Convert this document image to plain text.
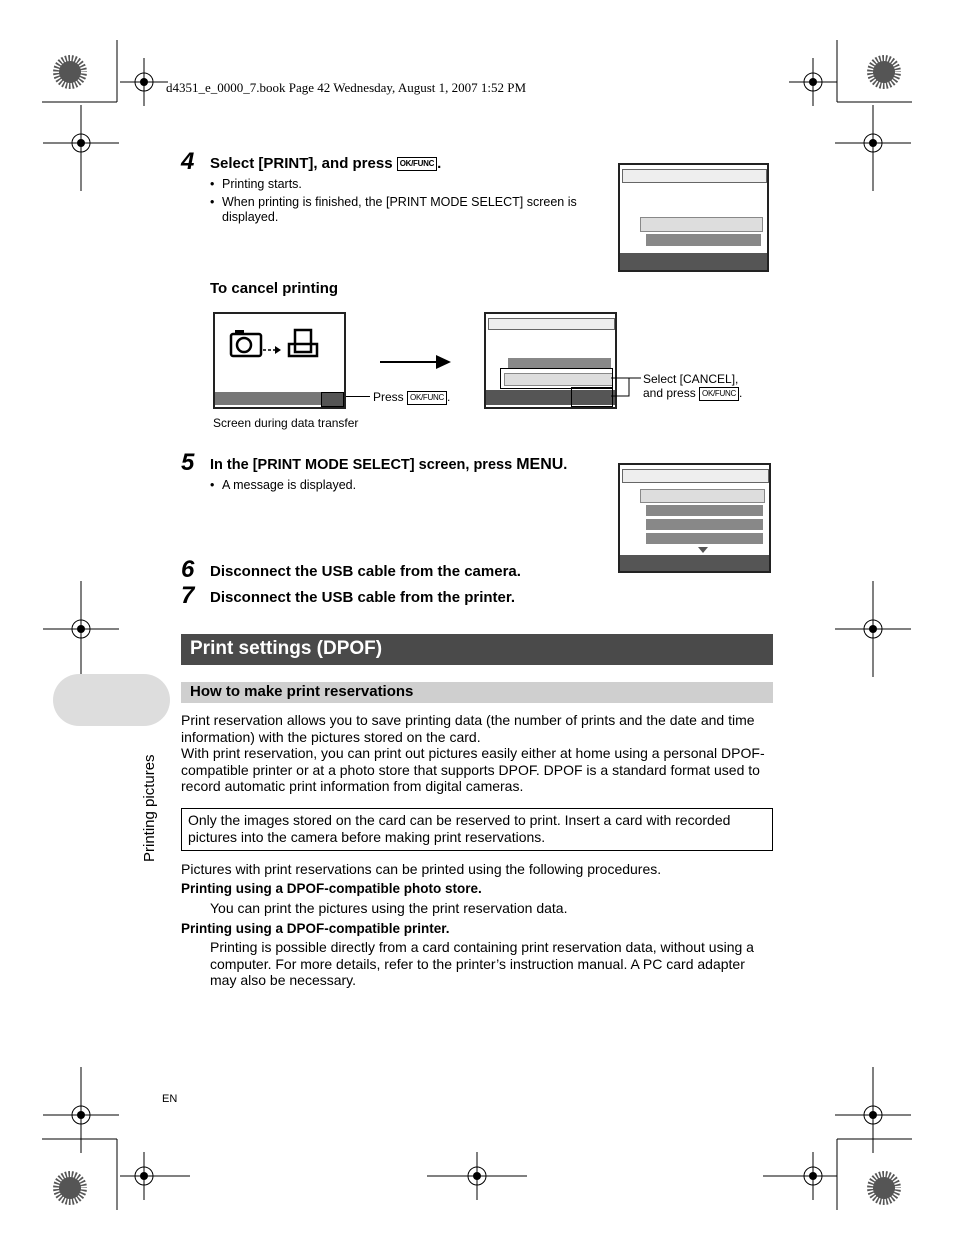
d4351_e_0000_7.book Page 42 Wednesday, August 1, 2007 1:52 PM
4 Select [PRINT], and press OK/FUNC .
• Printing starts.
• When printing is finished, the [PRINT MODE SELECT] screen is displayed.
To cancel printing
Press OK/FUNC .
Screen during data transfer
Select [CANCEL], and press OK/FUNC .
5 In the [PRINT MODE SELECT] screen, press MENU.
• A message is displayed.
6 Disconnect the USB cable from the camera.
7 Disconnect the USB cable from the printer.
Print settings (DPOF)
How to make print reservations
Print reservation allows you to save printing data (the number of prints and the date and time information) with the pictures stored on the card.
With print reservation, you can print out pictures easily either at home using a personal DPOF-compatible printer or at a photo store that supports DPOF. DPOF is a standard format used to record automatic print information from digital cameras.
Only the images stored on the card can be reserved to print. Insert a card with recorded pictures into the camera before making print reservations.
Pictures with print reservations can be printed using the following procedures.
Printing using a DPOF-compatible photo store.
You can print the pictures using the print reservation data.
Printing using a DPOF-compatible printer.
Printing is possible directly from a card containing print reservation data, without using a computer. For more details, refer to the printer’s instruction manual. A PC card adapter may also be necessary.
Printing pictures
EN
